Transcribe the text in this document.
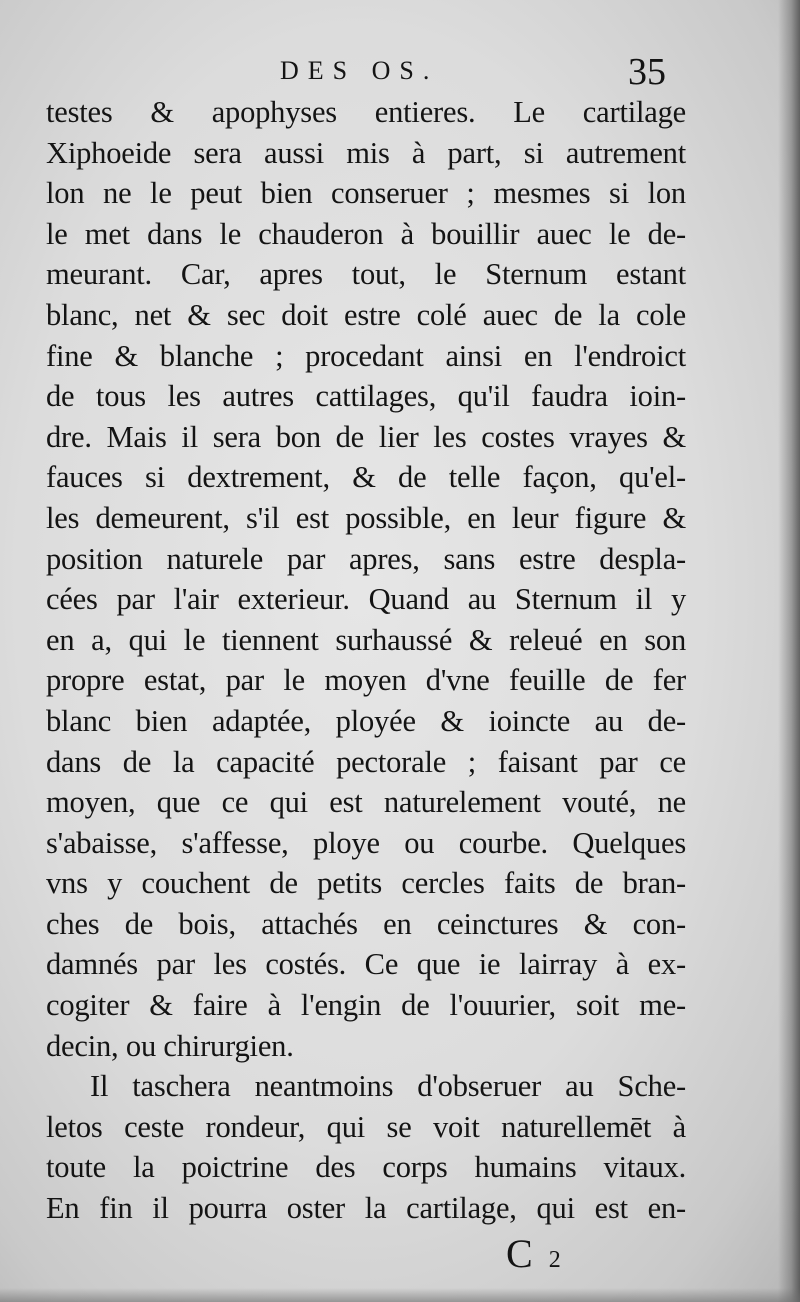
DES OS.	35
testes & apophyses entieres. Le cartilage
Xiphoeide sera aussi mis à part, si autrement
lon ne le peut bien conseruer ; mesmes si lon
le met dans le chauderon à bouillir auec le de-
meurant. Car, apres tout, le Sternum estant
blanc, net & sec doit estre colé auec de la cole
fine & blanche ; procedant ainsi en l'endroict
de tous les autres cattilages, qu'il faudra ioin-
dre. Mais il sera bon de lier les costes vrayes &
fauces si dextrement, & de telle façon, qu'el-
les demeurent, s'il est possible, en leur figure &
position naturele par apres, sans estre despla-
cées par l'air exterieur. Quand au Sternum il y
en a, qui le tiennent surhaussé & releué en son
propre estat, par le moyen d'vne feuille de fer
blanc bien adaptée, ployée & ioincte au de-
dans de la capacité pectorale ; faisant par ce
moyen, que ce qui est naturelement vouté, ne
s'abaisse, s'affesse, ploye ou courbe. Quelques
vns y couchent de petits cercles faits de bran-
ches de bois, attachés en ceinctures & con-
damnés par les costés. Ce que ie lairray à ex-
cogiter & faire à l'engin de l'ouurier, soit me-
decin, ou chirurgien.
Il taschera neantmoins d'obseruer au Sche-
letos ceste rondeur, qui se voit naturellemēt à
toute la poictrine des corps humains vitaux.
En fin il pourra oster la cartilage, qui est en-
C 2
